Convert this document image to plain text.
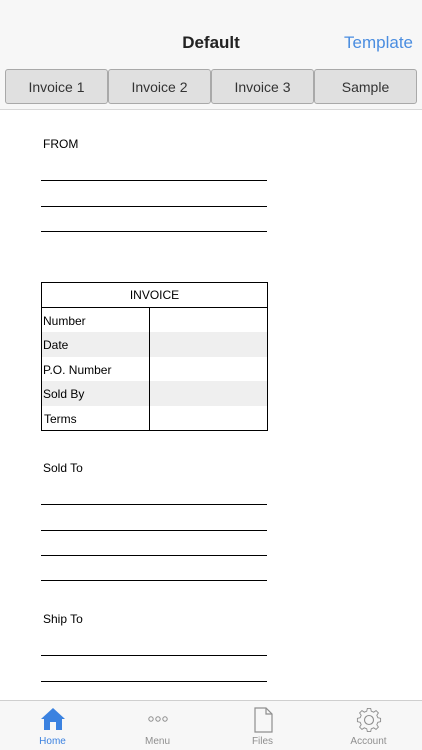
Default	Template
Invoice 1	Invoice 2	Invoice 3	Sample
FROM
INVOICE
Number
Date
P.O. Number
Sold By
Terms
Sold To
Ship To
Home	Menu	Files	Account
